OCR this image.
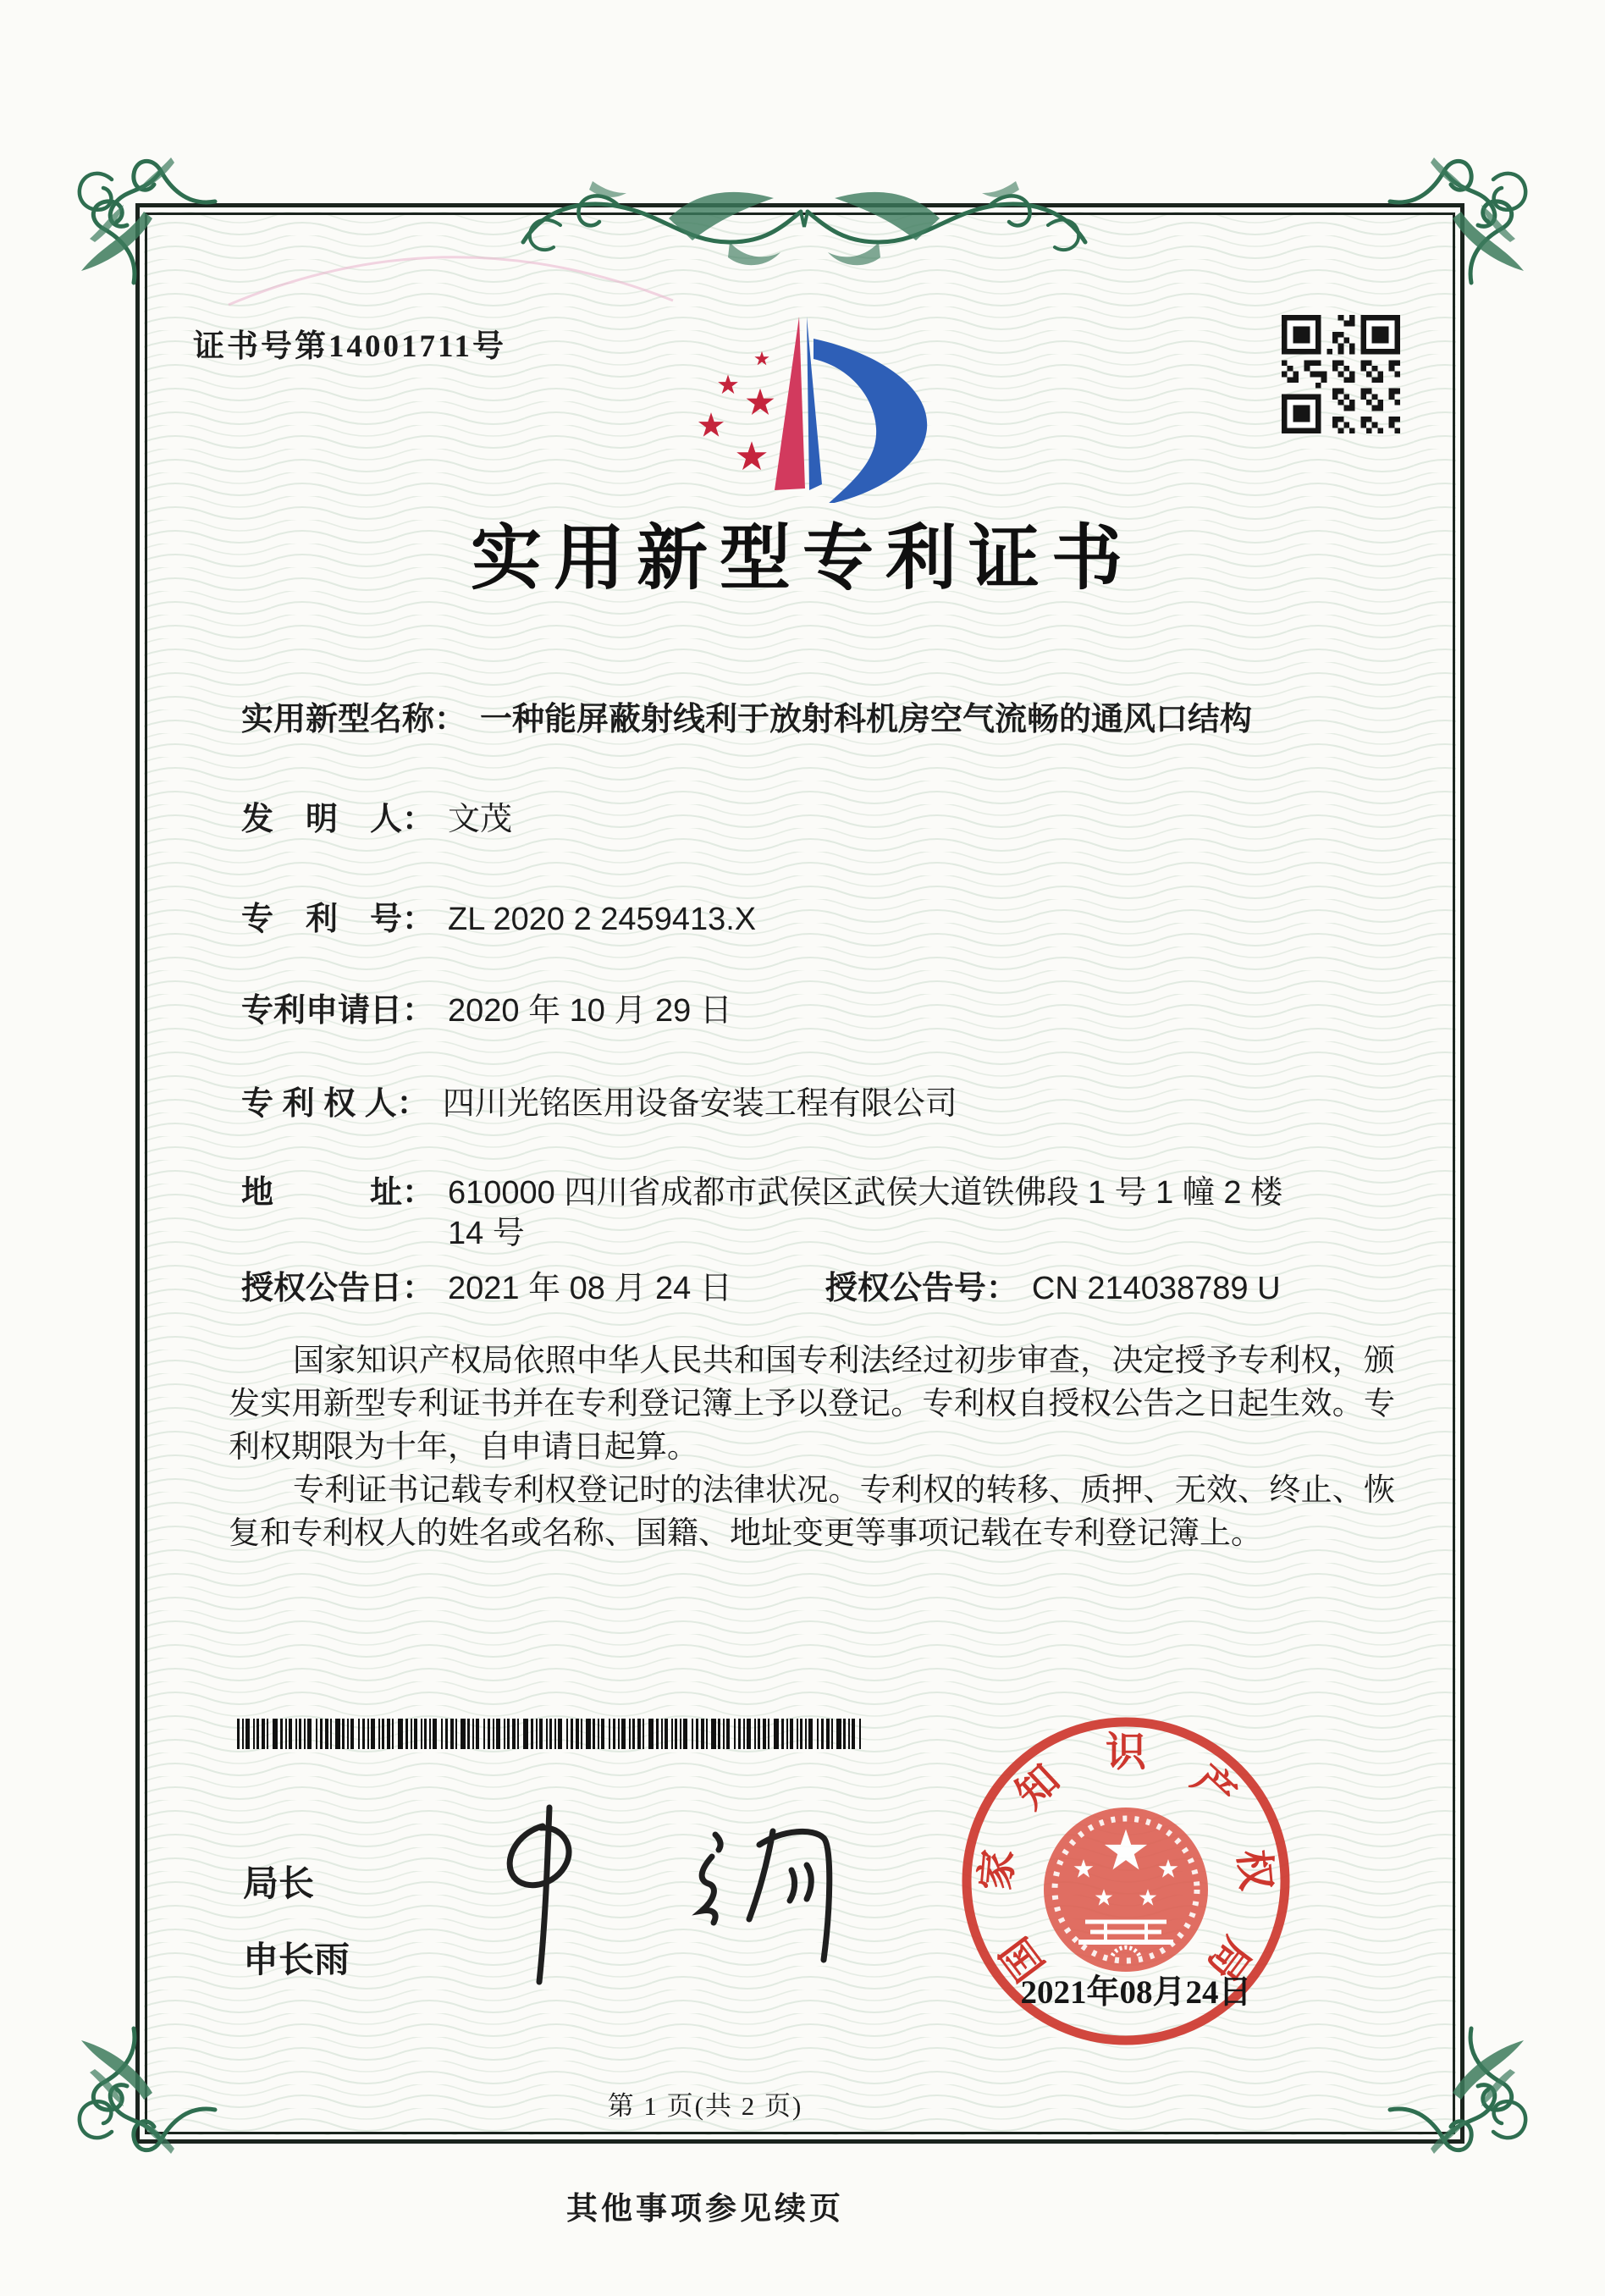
证书号第14001711号
实用新型专利证书
实用新型名称： 一种能屏蔽射线利于放射科机房空气流畅的通风口结构
发　明　人： 文茂
专　利　号： ZL 2020 2 2459413.X
专利申请日： 2020 年 10 月 29 日
专 利 权 人： 四川光铭医用设备安装工程有限公司
地　　　址： 610000 四川省成都市武侯区武侯大道铁佛段 1 号 1 幢 2 楼 14 号
授权公告日： 2021 年 08 月 24 日	授权公告号： CN 214038789 U

国家知识产权局依照中华人民共和国专利法经过初步审查，决定授予专利权，颁发实用新型专利证书并在专利登记簿上予以登记。专利权自授权公告之日起生效。专利权期限为十年，自申请日起算。

专利证书记载专利权登记时的法律状况。专利权的转移、质押、无效、终止、恢复和专利权人的姓名或名称、国籍、地址变更等事项记载在专利登记簿上。

局长
申长雨	国
家
知
识
产
权
局
2021年08月24日
第 1 页(共 2 页)
其他事项参见续页
